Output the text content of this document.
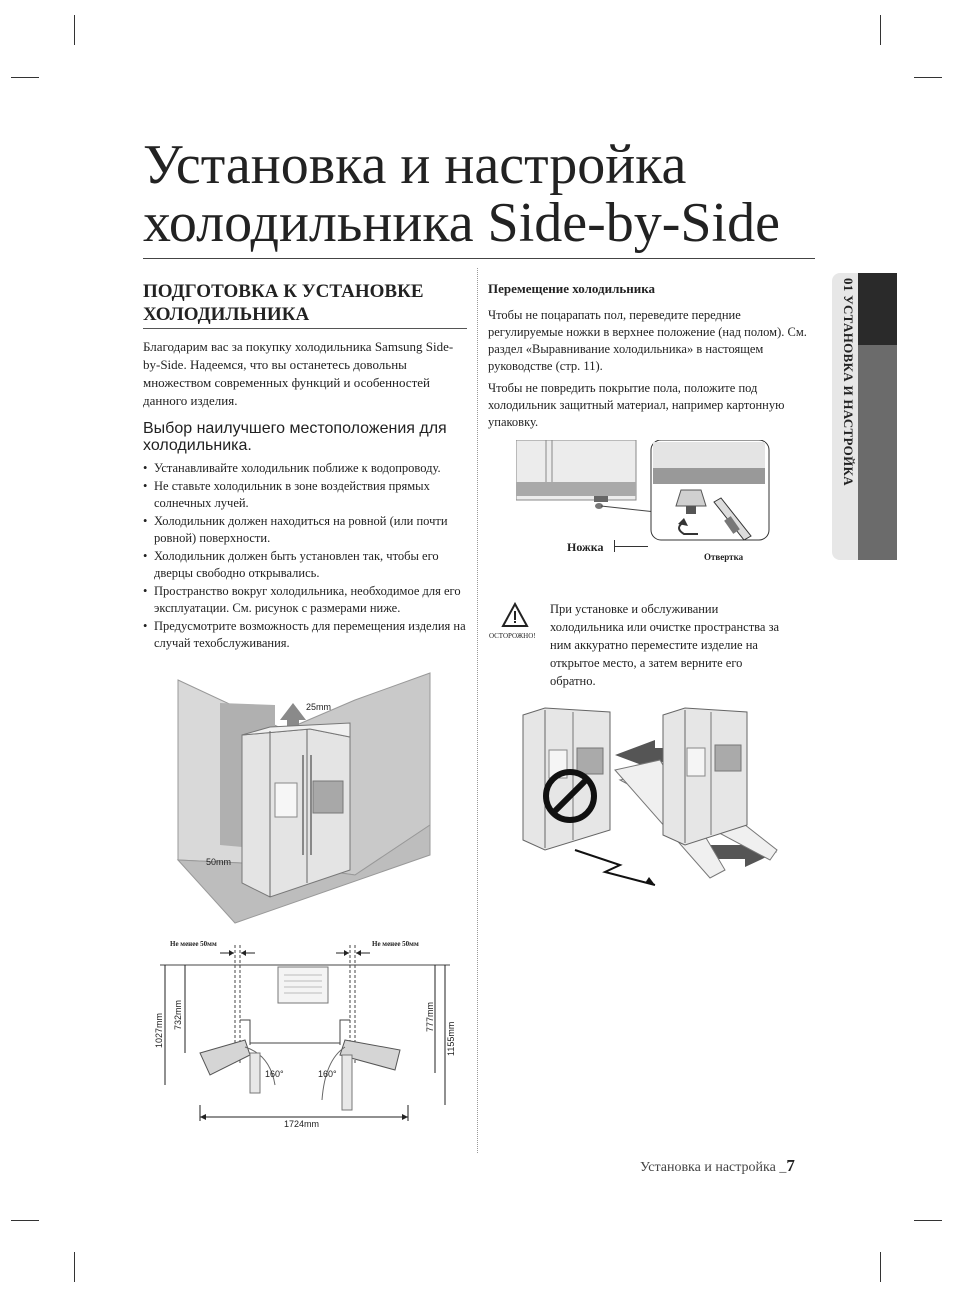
Установка и настройка
холодильника Side-by-Side
01 УСТАНОВКА И НАСТРОЙКА
ПОДГОТОВКА К УСТАНОВКЕ
ХОЛОДИЛЬНИКА

Благодарим вас за покупку холодильника Samsung Side-by-Side. Надеемся, что вы останетесь довольны множеством современных функций и особенностей данного изделия.

Выбор наилучшего местоположения для холодильника.
• Устанавливайте холодильник поближе к водопроводу.
• Не ставьте холодильник в зоне воздействия прямых солнечных лучей.
• Холодильник должен находиться на ровной (или почти ровной) поверхности.
• Холодильник должен быть установлен так, чтобы его дверцы свободно открывались.
• Пространство вокруг холодильника, необходимое для его эксплуатации. См. рисунок с размерами ниже.
• Предусмотрите возможность для перемещения изделия на случай техобслуживания.
25mm
50mm
Не менее 50мм	Не менее 50мм
1027mm 732mm	777mm
1155mm
160°	160°
1724mm
Перемещение холодильника

Чтобы не поцарапать пол, переведите передние регулируемые ножки в верхнее положение (над полом). См. раздел «Выравнивание холодильника» в настоящем руководстве (стр. 11).

Чтобы не повредить покрытие пола, положите под холодильник защитный материал, например картонную упаковку.

Ножка
Отвертка
ОСТОРОЖНО!

При установке и обслуживании холодильника или очистке пространства за ним аккуратно переместите изделие на открытое место, а затем верните его обратно.

Установка и настройка _7
